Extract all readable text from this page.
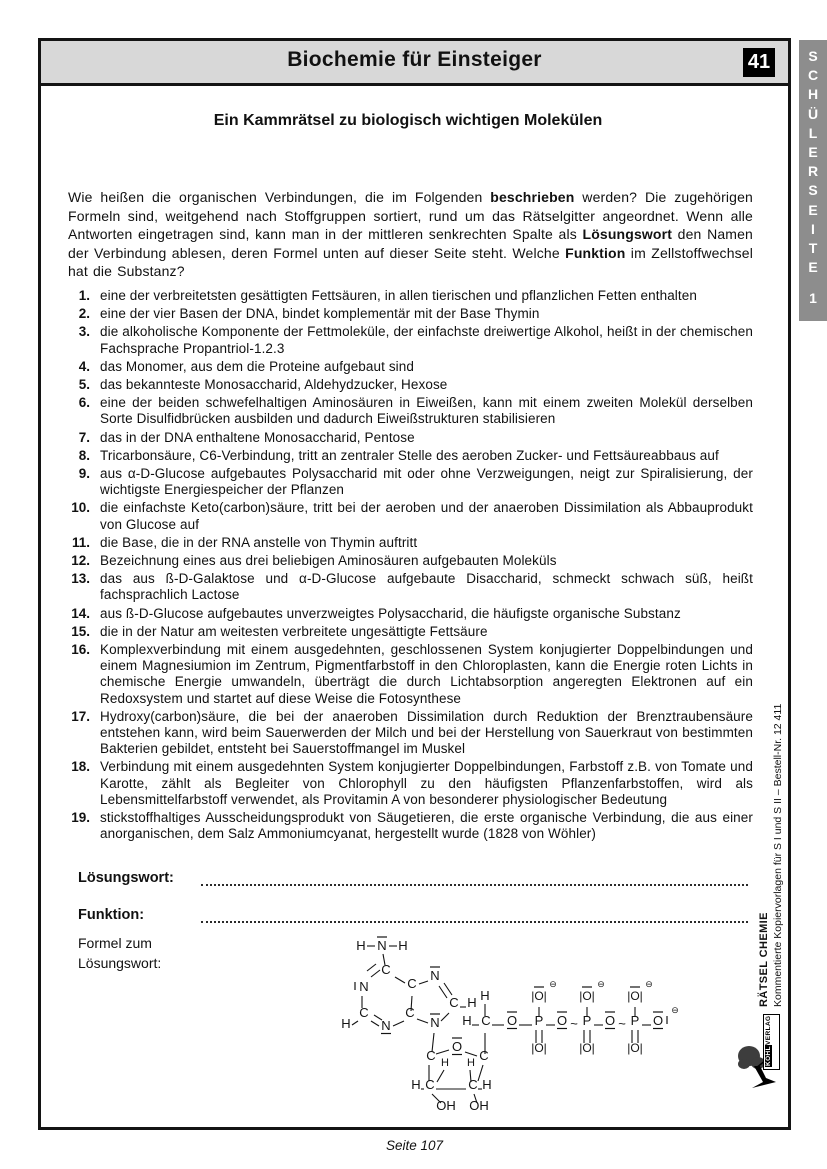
Biochemie für Einsteiger	41	S
C
H
Ü
L
E
R
S
E
I
T
E
1
Ein Kammrätsel zu biologisch wichtigen Molekülen
Wie heißen die organischen Verbindungen, die im Folgenden beschrieben werden? Die zugehörigen Formeln sind, weitgehend nach Stoffgruppen sortiert, rund um das Rätselgitter angeordnet. Wenn alle Antworten eingetragen sind, kann man in der mittleren senkrechten Spalte als Lösungswort den Namen der Verbindung ablesen, deren Formel unten auf dieser Seite steht. Welche Funktion im Zellstoffwechsel hat die Substanz?
1. eine der verbreitetsten gesättigten Fettsäuren, in allen tierischen und pflanzlichen Fetten enthalten
2. eine der vier Basen der DNA, bindet komplementär mit der Base Thymin
3. die alkoholische Komponente der Fettmoleküle, der einfachste dreiwertige Alkohol, heißt in der chemischen Fachsprache Propantriol-1.2.3
4. das Monomer, aus dem die Proteine aufgebaut sind
5. das bekannteste Monosaccharid, Aldehydzucker, Hexose
6. eine der beiden schwefelhaltigen Aminosäuren in Eiweißen, kann mit einem zweiten Molekül derselben Sorte Disulfidbrücken ausbilden und dadurch Eiweißstrukturen stabilisieren
7. das in der DNA enthaltene Monosaccharid, Pentose
8. Tricarbonsäure, C6-Verbindung, tritt an zentraler Stelle des aeroben Zucker- und Fettsäureabbaus auf
9. aus α-D-Glucose aufgebautes Polysaccharid mit oder ohne Verzweigungen, neigt zur Spiralisierung, der wichtigste Energiespeicher der Pflanzen
10. die einfachste Keto(carbon)säure, tritt bei der aeroben und der anaeroben Dissimilation als Abbauprodukt von Glucose auf
11. die Base, die in der RNA anstelle von Thymin auftritt
12. Bezeichnung eines aus drei beliebigen Aminosäuren aufgebauten Moleküls
13. das aus ß-D-Galaktose und α-D-Glucose aufgebaute Disaccharid, schmeckt schwach süß, heißt fachsprachlich Lactose
14. aus ß-D-Glucose aufgebautes unverzweigtes Polysaccharid, die häufigste organische Substanz
15. die in der Natur am weitesten verbreitete ungesättigte Fettsäure
16. Komplexverbindung mit einem ausgedehnten, geschlossenen System konjugierter Doppelbindungen und einem Magnesiumion im Zentrum, Pigmentfarbstoff in den Chloroplasten, kann die Energie roten Lichts in chemische Energie umwandeln, überträgt die durch Lichtabsorption angeregten Elektronen auf ein Redoxsystem und startet auf diese Weise die Fotosynthese
17. Hydroxy(carbon)säure, die bei der anaeroben Dissimilation durch Reduktion der Brenztraubensäure entstehen kann, wird beim Sauerwerden der Milch und bei der Herstellung von Sauerkraut von bestimmten Bakterien gebildet, entsteht bei Sauerstoffmangel im Muskel
18. Verbindung mit einem ausgedehnten System konjugierter Doppelbindungen, Farbstoff z.B. von Tomate und Karotte, zählt als Begleiter von Chlorophyll zu den häufigsten Pflanzenfarbstoffen, wird als Lebensmittelfarbstoff verwendet, als Provitamin A von besonderer physiologischer Bedeutung
19. stickstoffhaltiges Ausscheidungsprodukt von Säugetieren, die erste organische Verbindung, die aus einer anorganischen, dem Salz Ammoniumcyanat, hergestellt wurde (1828 von Wöhler)
Lösungswort:
Funktion:
Formel zum
Lösungswort:
H N H
C
N
C
H N
C
C
N
C H
N
H
H C O P O ~ P O ~ P O
⊖
|O|
⊖
|O|
⊖
|O|
⊖
|O|	|O|	|O|
O
C	C
H H
H C	C H
OH OH
RÄTSEL CHEMIE Kommentierte Kopiervorlagen für S I und S II – Bestell-Nr. 12 411
KOHLVERLAG
Seite 107
